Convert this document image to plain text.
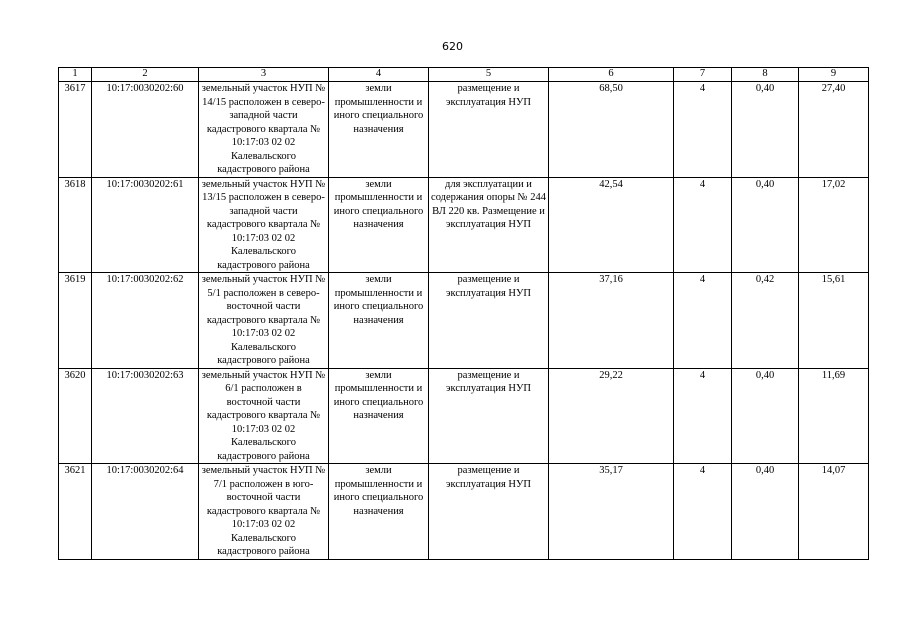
620
1	2	3	4	5	6	7	8	9
3617	10:17:0030202:60	земельный участок НУП № 14/15 расположен в северо-западной части кадастрового квартала № 10:17:03 02 02 Калевальского кадастрового района	земли промышленности и иного специального назначения	размещение и эксплуатация НУП	68,50	4	0,40	27,40
3618	10:17:0030202:61	земельный участок НУП № 13/15 расположен в северо-западной части кадастрового квартала № 10:17:03 02 02 Калевальского кадастрового района	земли промышленности и иного специального назначения	для эксплуатации и содержания опоры № 244 ВЛ 220 кв. Размещение и эксплуатация НУП	42,54	4	0,40	17,02
3619	10:17:0030202:62	земельный участок НУП № 5/1 расположен в северо-восточной части кадастрового квартала № 10:17:03 02 02 Калевальского кадастрового района	земли промышленности и иного специального назначения	размещение и эксплуатация НУП	37,16	4	0,42	15,61
3620	10:17:0030202:63	земельный участок НУП № 6/1 расположен в восточной части кадастрового квартала № 10:17:03 02 02 Калевальского кадастрового района	земли промышленности и иного специального назначения	размещение и эксплуатация НУП	29,22	4	0,40	11,69
3621	10:17:0030202:64	земельный участок НУП № 7/1 расположен в юго-восточной части кадастрового квартала № 10:17:03 02 02 Калевальского кадастрового района	земли промышленности и иного специального назначения	размещение и эксплуатация НУП	35,17	4	0,40	14,07
